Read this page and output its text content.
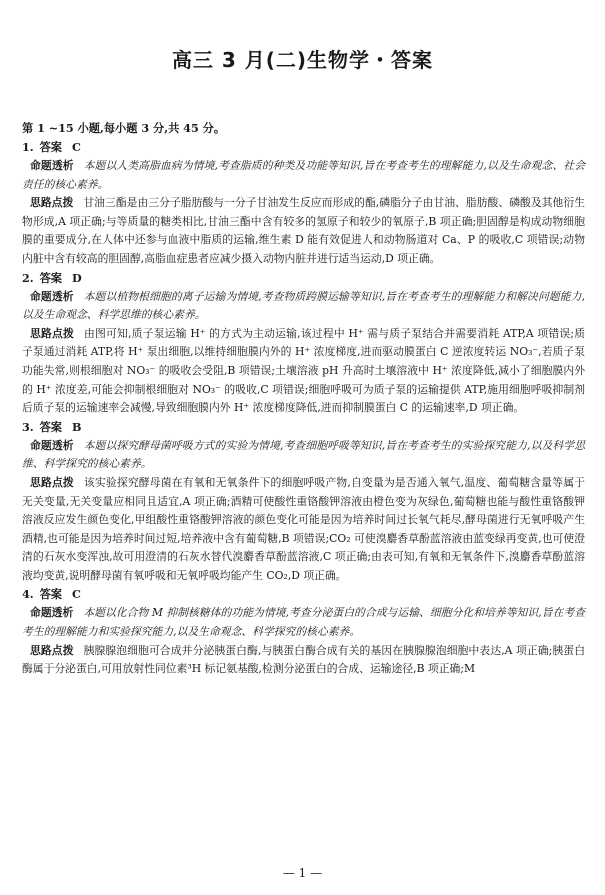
高三 3 月(二)生物学・答案

第 1 ~15 小题,每小题 3 分,共 45 分。

1. 答案 C

命题透析 本题以人类高脂血病为情境,考查脂质的种类及功能等知识,旨在考查考生的理解能力,以及生命观念、社会责任的核心素养。

思路点拨 甘油三酯是由三分子脂肪酸与一分子甘油发生反应而形成的酯,磷脂分子由甘油、脂肪酸、磷酸及其他衍生物形成,A 项正确;与等质量的糖类相比,甘油三酯中含有较多的氢原子和较少的氧原子,B 项正确;胆固醇是构成动物细胞膜的重要成分,在人体中还参与血液中脂质的运输,维生素 D 能有效促进人和动物肠道对 Ca、P 的吸收,C 项错误;动物内脏中含有较高的胆固醇,高脂血症患者应减少摄入动物内脏并进行适当运动,D 项正确。

2. 答案 D

命题透析 本题以植物根细胞的离子运输为情境,考查物质跨膜运输等知识,旨在考查考生的理解能力和解决问题能力,以及生命观念、科学思维的核心素养。

思路点拨 由图可知,质子泵运输 H⁺ 的方式为主动运输,该过程中 H⁺ 需与质子泵结合并需要消耗 ATP,A 项错误;质子泵通过消耗 ATP,将 H⁺ 泵出细胞,以维持细胞膜内外的 H⁺ 浓度梯度,进而驱动膜蛋白 C 逆浓度转运 NO₃⁻,若质子泵功能失常,则根细胞对 NO₃⁻ 的吸收会受阻,B 项错误;土壤溶液 pH 升高时土壤溶液中 H⁺ 浓度降低,减小了细胞膜内外的 H⁺ 浓度差,可能会抑制根细胞对 NO₃⁻ 的吸收,C 项错误;细胞呼吸可为质子泵的运输提供 ATP,施用细胞呼吸抑制剂后质子泵的运输速率会减慢,导致细胞膜内外 H⁺ 浓度梯度降低,进而抑制膜蛋白 C 的运输速率,D 项正确。

3. 答案 B

命题透析 本题以探究酵母菌呼吸方式的实验为情境,考查细胞呼吸等知识,旨在考查考生的实验探究能力,以及科学思维、科学探究的核心素养。

思路点拨 该实验探究酵母菌在有氧和无氧条件下的细胞呼吸产物,自变量为是否通入氧气,温度、葡萄糖含量等属于无关变量,无关变量应相同且适宜,A 项正确;酒精可使酸性重铬酸钾溶液由橙色变为灰绿色,葡萄糖也能与酸性重铬酸钾溶液反应发生颜色变化,甲组酸性重铬酸钾溶液的颜色变化可能是因为培养时间过长氧气耗尽,酵母菌进行无氧呼吸产生酒精,也可能是因为培养时间过短,培养液中含有葡萄糖,B 项错误;CO₂ 可使溴麝香草酚蓝溶液由蓝变绿再变黄,也可使澄清的石灰水变浑浊,故可用澄清的石灰水替代溴麝香草酚蓝溶液,C 项正确;由表可知,有氧和无氧条件下,溴麝香草酚蓝溶液均变黄,说明酵母菌有氧呼吸和无氧呼吸均能产生 CO₂,D 项正确。

4. 答案 C

命题透析 本题以化合物 M 抑制核糖体的功能为情境,考查分泌蛋白的合成与运输、细胞分化和培养等知识,旨在考查考生的理解能力和实验探究能力,以及生命观念、科学探究的核心素养。

思路点拨 胰腺腺泡细胞可合成并分泌胰蛋白酶,与胰蛋白酶合成有关的基因在胰腺腺泡细胞中表达,A 项正确;胰蛋白酶属于分泌蛋白,可用放射性同位素³H 标记氨基酸,检测分泌蛋白的合成、运输途径,B 项正确;M

— 1 —
